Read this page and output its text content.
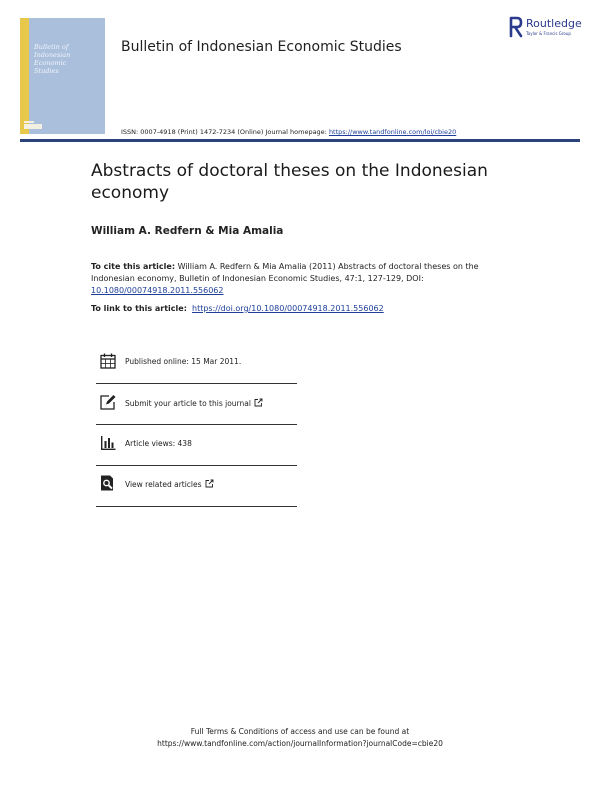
Bulletin of
Indonesian
Economic
Studies
Bulletin of Indonesian Economic Studies
Routledge
Taylor & Francis Group
ISSN: 0007-4918 (Print) 1472-7234 (Online) Journal homepage: https://www.tandfonline.com/loi/cbie20
Abstracts of doctoral theses on the Indonesian economy
William A. Redfern & Mia Amalia
To cite this article: William A. Redfern & Mia Amalia (2011) Abstracts of doctoral theses on the Indonesian economy, Bulletin of Indonesian Economic Studies, 47:1, 127-129, DOI: 10.1080/00074918.2011.556062
To link to this article: https://doi.org/10.1080/00074918.2011.556062
Published online: 15 Mar 2011.
Submit your article to this journal
Article views: 438
View related articles
Full Terms & Conditions of access and use can be found at
https://www.tandfonline.com/action/journalInformation?journalCode=cbie20
